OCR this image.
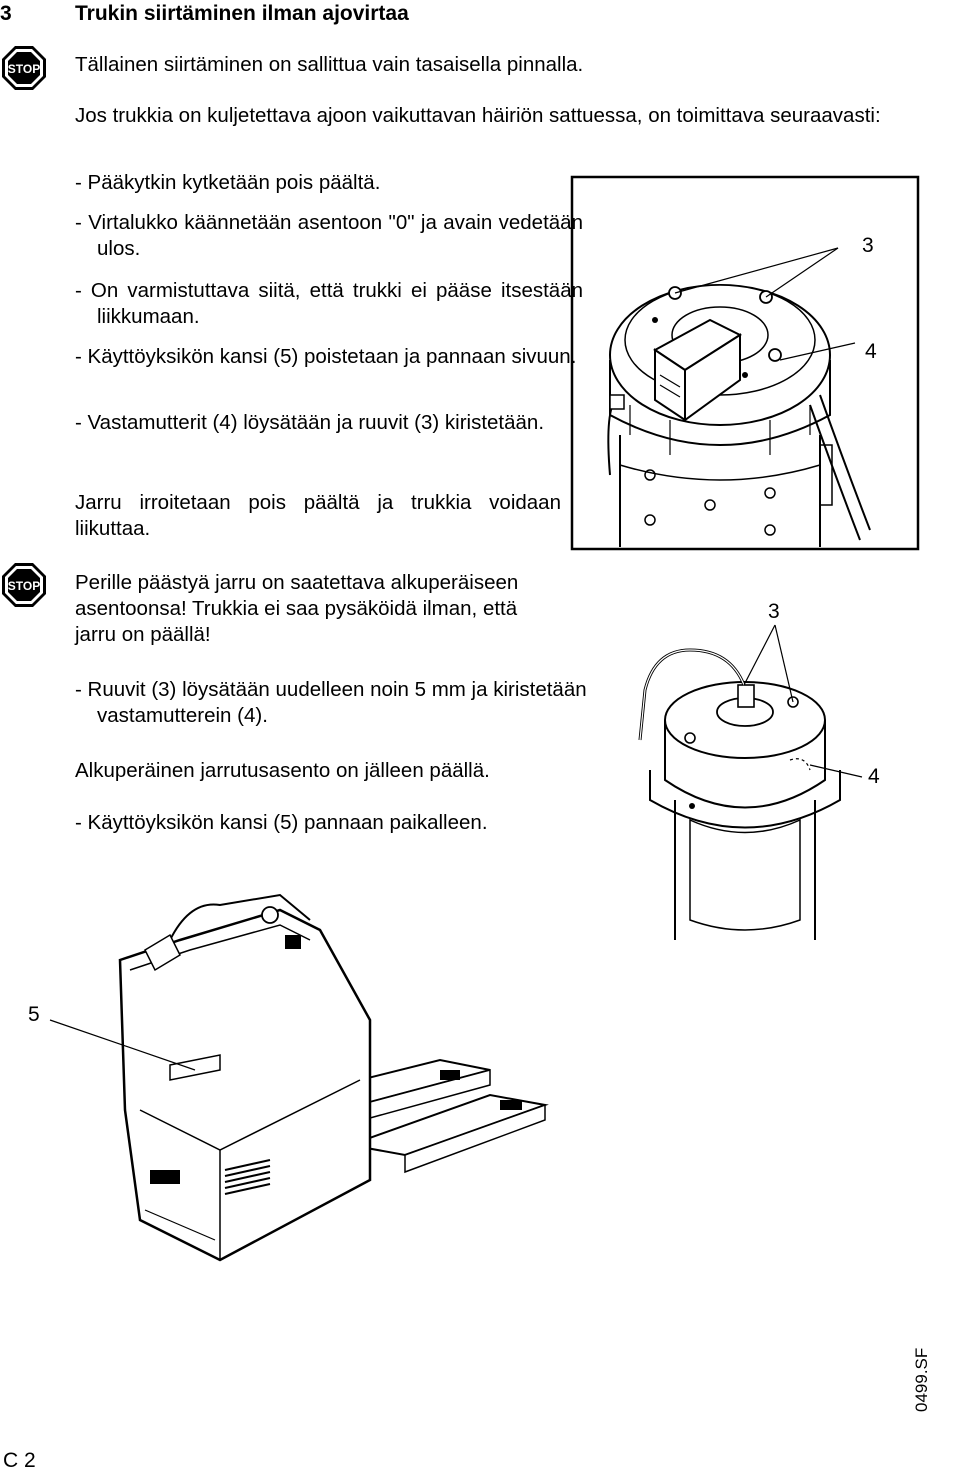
3	Trukin siirtäminen ilman ajovirtaa
STOP Tällainen siirtäminen on sallittua vain tasaisella pinnalla.
Jos trukkia on kuljetettava ajoon vaikuttavan häiriön sattuessa, on toimittava seuraavasti:
- Pääkytkin kytketään pois päältä.
- Virtalukko käännetään asentoon "0" ja avain vedetään ulos.
- On varmistuttava siitä, että trukki ei pääse itsestään liikkumaan.
- Käyttöyksikön kansi (5) poistetaan ja pannaan sivuun.
- Vastamutterit (4) löysätään ja ruuvit (3) kiristetään.
Jarru irroitetaan pois päältä ja trukkia voidaan liikuttaa.
STOP Perille päästyä jarru on saatettava alkuperäiseen asentoonsa! Trukkia ei saa pysäköidä ilman, että jarru on päällä!
- Ruuvit (3) löysätään uudelleen noin 5 mm ja kiristetään vastamutterein (4).
Alkuperäinen jarrutusasento on jälleen päällä.
- Käyttöyksikön kansi (5) pannaan paikalleen.
3
4
3
4
5
0499.SF
C 2
